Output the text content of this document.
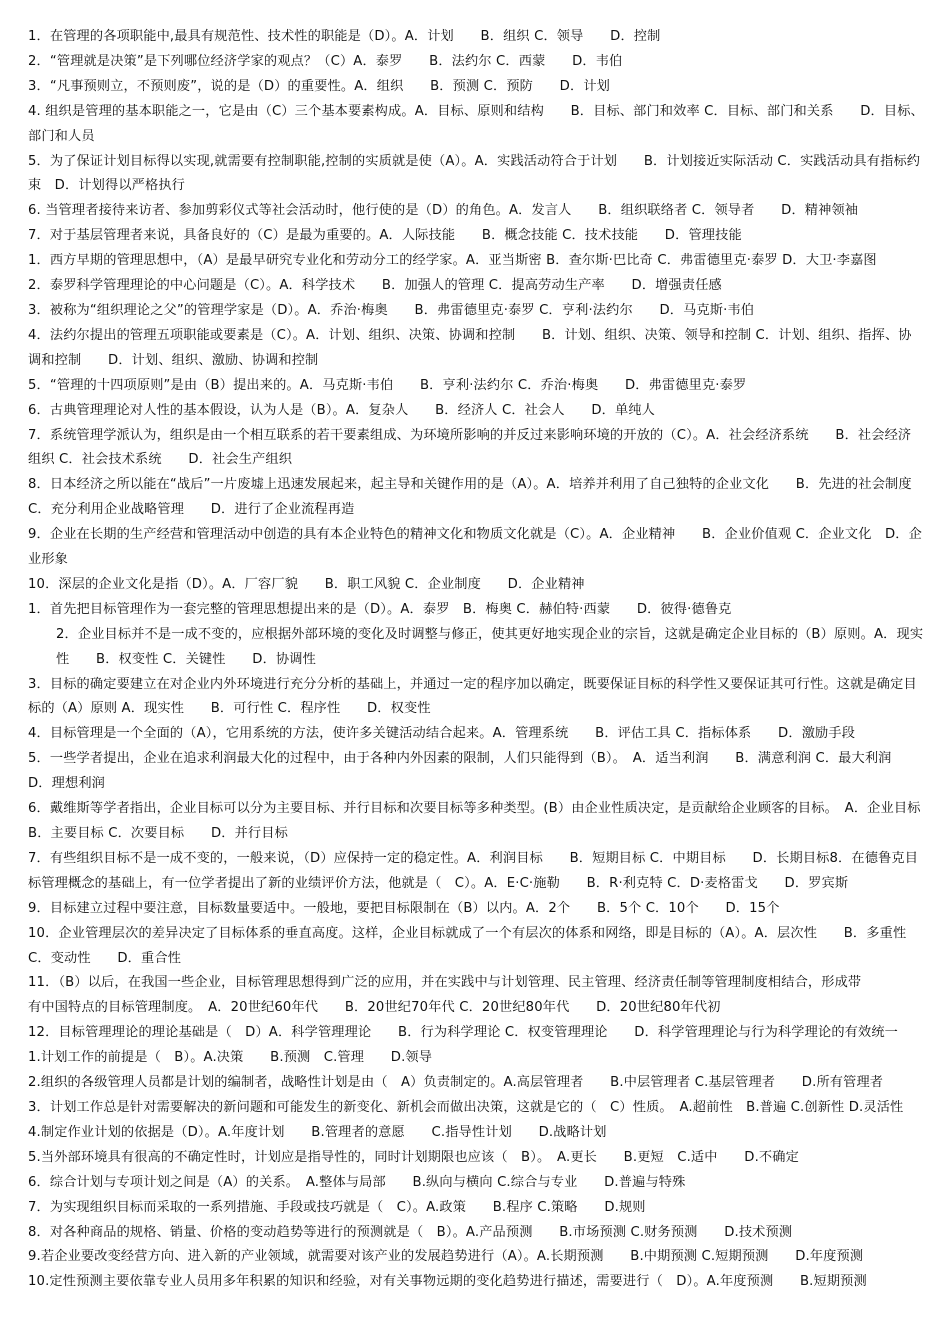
1．在管理的各项职能中,最具有规范性、技术性的职能是（D）。A．计划　　B．组织 C．领导　　D．控制

2．“管理就是决策”是下列哪位经济学家的观点？（C）A．泰罗　　B．法约尔 C．西蒙　　D．韦伯

3．“凡事预则立，不预则废”，说的是（D）的重要性。A．组织　　B．预测 C．预防　　D．计划

4. 组织是管理的基本职能之一，它是由（C）三个基本要素构成。A．目标、原则和结构　　B．目标、部门和效率 C．目标、部门和关系　　D．目标、部门和人员

5．为了保证计划目标得以实现,就需要有控制职能,控制的实质就是使（A）。A．实践活动符合于计划　　B．计划接近实际活动 C．实践活动具有指标约束　D．计划得以严格执行

6. 当管理者接待来访者、参加剪彩仪式等社会活动时，他行使的是（D）的角色。A．发言人　　B．组织联络者 C．领导者　　D．精神领袖

7．对于基层管理者来说，具备良好的（C）是最为重要的。A．人际技能　　B．概念技能 C．技术技能　　D．管理技能

1．西方早期的管理思想中，（A）是最早研究专业化和劳动分工的经学家。A．亚当斯密 B．查尔斯·巴比奇 C．弗雷德里克·泰罗 D．大卫·李嘉图

2．泰罗科学管理理论的中心问题是（C）。A．科学技术　　B．加强人的管理 C．提高劳动生产率　　D．增强责任感

3．被称为“组织理论之父”的管理学家是（D）。A．乔治·梅奥　　B．弗雷德里克·泰罗 C．亨利·法约尔　　D．马克斯·韦伯

4．法约尔提出的管理五项职能或要素是（C）。A．计划、组织、决策、协调和控制　　B．计划、组织、决策、领导和控制 C．计划、组织、指挥、协调和控制　　D．计划、组织、激励、协调和控制

5．“管理的十四项原则”是由（B）提出来的。A．马克斯·韦伯　　B．亨利·法约尔 C．乔治·梅奥　　D．弗雷德里克·泰罗

6．古典管理理论对人性的基本假设，认为人是（B）。A．复杂人　　B．经济人 C．社会人　　D．单纯人

7．系统管理学派认为，组织是由一个相互联系的若干要素组成、为环境所影响的并反过来影响环境的开放的（C）。A．社会经济系统　　B．社会经济组织 C．社会技术系统　　D．社会生产组织

8．日本经济之所以能在“战后”一片废墟上迅速发展起来，起主导和关键作用的是（A）。A．培养并利用了自己独特的企业文化　　B．先进的社会制度 C．充分利用企业战略管理　　D．进行了企业流程再造

9．企业在长期的生产经营和管理活动中创造的具有本企业特色的精神文化和物质文化就是（C）。A．企业精神　　B．企业价值观 C．企业文化　D．企业形象

10．深层的企业文化是指（D）。A．厂容厂貌　　B．职工风貌 C．企业制度　　D．企业精神

1．首先把目标管理作为一套完整的管理思想提出来的是（D）。A．泰罗　B．梅奥 C．赫伯特·西蒙　　D．彼得·德鲁克

2．企业目标并不是一成不变的，应根据外部环境的变化及时调整与修正，使其更好地实现企业的宗旨，这就是确定企业目标的（B）原则。A．现实性　　B．权变性 C．关键性　　D．协调性

3．目标的确定要建立在对企业内外环境进行充分分析的基础上，并通过一定的程序加以确定，既要保证目标的科学性又要保证其可行性。这就是确定目标的（A）原则 A．现实性　　B．可行性 C．程序性　　D．权变性

4．目标管理是一个全面的（A），它用系统的方法，使许多关键活动结合起来。A．管理系统　　B．评估工具 C．指标体系　　D．激励手段

5．一些学者提出，企业在追求利润最大化的过程中，由于各种内外因素的限制，人们只能得到（B）。　A．适当利润　　B．满意利润 C．最大利润　　D．理想利润

6．戴维斯等学者指出，企业目标可以分为主要目标、并行目标和次要目标等多种类型。(B）由企业性质决定，是贡献给企业顾客的目标。　A．企业目标　　B．主要目标 C．次要目标　　D．并行目标

7．有些组织目标不是一成不变的，一般来说，（D）应保持一定的稳定性。A．利润目标　　B．短期目标 C．中期目标　　D．长期目标8．在德鲁克目标管理概念的基础上，有一位学者提出了新的业绩评价方法，他就是（　C）。A．E·C·施勒　　B．R·利克特 C．D·麦格雷戈　　D．罗宾斯

9．目标建立过程中要注意，目标数量要适中。一般地，要把目标限制在（B）以内。A．2个　　B．5个 C．10个　　D．15个

10．企业管理层次的差异决定了目标体系的垂直高度。这样，企业目标就成了一个有层次的体系和网络，即是目标的（A）。A．层次性　　B．多重性 C．变动性　　D．重合性

11．（B）以后，在我国一些企业，目标管理思想得到广泛的应用，并在实践中与计划管理、民主管理、经济责任制等管理制度相结合，形成带

有中国特点的目标管理制度。　A．20世纪60年代　　B．20世纪70年代 C．20世纪80年代　　D．20世纪80年代初

12．目标管理理论的理论基础是（　D）A．科学管理理论　　B．行为科学理论 C．权变管理理论　　D．科学管理理论与行为科学理论的有效统一

1.计划工作的前提是（　B）。A.决策　　B.预测　C.管理　　D.领导

2.组织的各级管理人员都是计划的编制者，战略性计划是由（　A）负责制定的。A.高层管理者　　B.中层管理者 C.基层管理者　　D.所有管理者

3．计划工作总是针对需要解决的新问题和可能发生的新变化、新机会而做出决策，这就是它的（　C）性质。　A.超前性　B.普遍 C.创新性 D.灵活性

4.制定作业计划的依据是（D）。A.年度计划　　B.管理者的意愿　　C.指导性计划　　D.战略计划

5.当外部环境具有很高的不确定性时，计划应是指导性的，同时计划期限也应该（　B）。　A.更长　　B.更短　C.适中　　D.不确定

6．综合计划与专项计划之间是（A）的关系。　A.整体与局部　　B.纵向与横向 C.综合与专业　　D.普遍与特殊

7．为实现组织目标而采取的一系列措施、手段或技巧就是（　C）。A.政策　　B.程序 C.策略　　D.规则

8．对各种商品的规格、销量、价格的变动趋势等进行的预测就是（　B）。A.产品预测　　B.市场预测 C.财务预测　　D.技术预测

9.若企业要改变经营方向、进入新的产业领域，就需要对该产业的发展趋势进行（A）。A.长期预测　　B.中期预测 C.短期预测　　D.年度预测

10.定性预测主要依靠专业人员用多年积累的知识和经验，对有关事物远期的变化趋势进行描述，需要进行（　D）。A.年度预测　　B.短期预测
